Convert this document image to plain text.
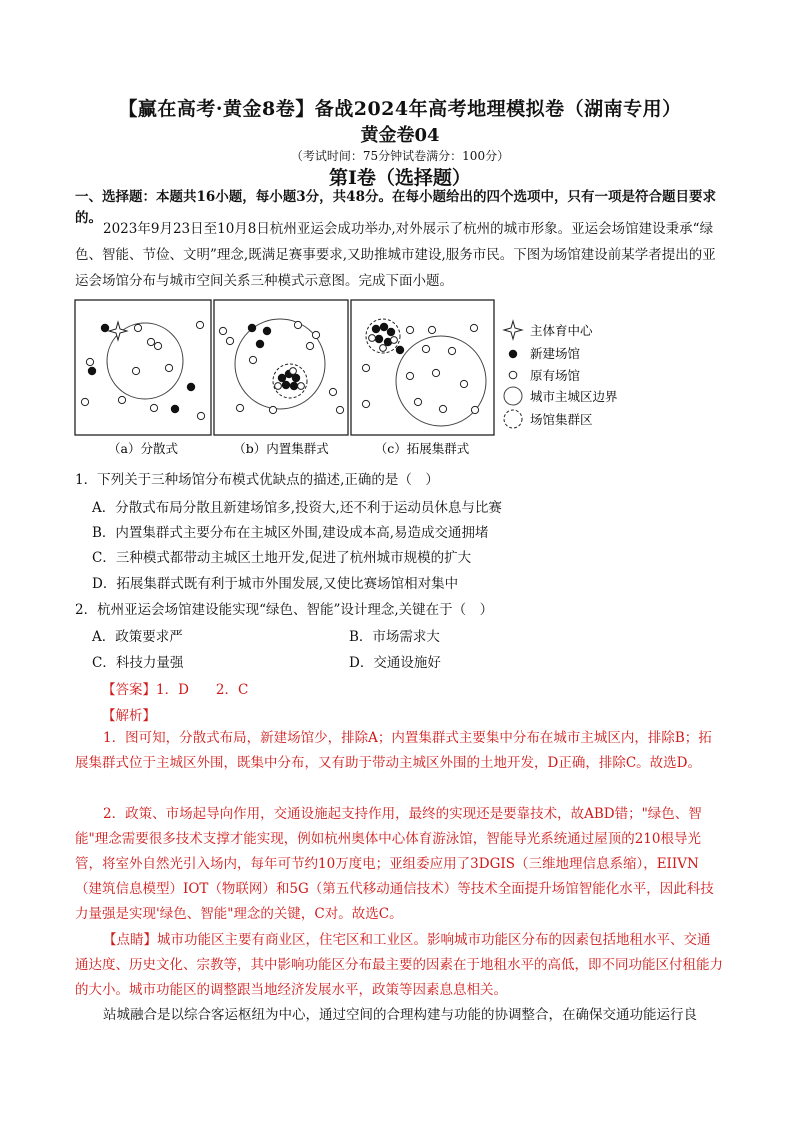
【赢在高考·黄金8卷】备战2024年高考地理模拟卷（湖南专用）
黄金卷04
（考试时间：75分钟试卷满分：100分）
第I卷（选择题）
一、选择题：本题共16小题，每小题3分，共48分。在每小题给出的四个选项中，只有一项是符合题目要求的。
2023年9月23日至10月8日杭州亚运会成功举办,对外展示了杭州的城市形象。亚运会场馆建设秉承“绿色、智能、节俭、文明”理念,既满足赛事要求,又助推城市建设,服务市民。下图为场馆建设前某学者提出的亚运会场馆分布与城市空间关系三种模式示意图。完成下面小题。
（a）分散式	（b）内置集群式	（c）拓展集群式
主体育中心
新建场馆
原有场馆
城市主城区边界
场馆集群区
1．下列关于三种场馆分布模式优缺点的描述,正确的是（　）
A．分散式布局分散且新建场馆多,投资大,还不利于运动员休息与比赛
B．内置集群式主要分布在主城区外围,建设成本高,易造成交通拥堵
C．三种模式都带动主城区土地开发,促进了杭州城市规模的扩大
D．拓展集群式既有利于城市外围发展,又使比赛场馆相对集中
2．杭州亚运会场馆建设能实现“绿色、智能”设计理念,关键在于（　）
A．政策要求严	B．市场需求大
C．科技力量强	D．交通设施好
【答案】1．D　　2．C
【解析】
1．图可知，分散式布局，新建场馆少，排除A；内置集群式主要集中分布在城市主城区内，排除B；拓展集群式位于主城区外围，既集中分布，又有助于带动主城区外围的土地开发，D正确，排除C。故选D。
2．政策、市场起导向作用，交通设施起支持作用，最终的实现还是要靠技术，故ABD错；"绿色、智能"理念需要很多技术支撑才能实现，例如杭州奥体中心体育游泳馆，智能导光系统通过屋顶的210根导光管，将室外自然光引入场内，每年可节约10万度电；亚组委应用了3DGIS（三维地理信息系缩），EIIVN（建筑信息模型）IOT（物联网）和5G（第五代移动通信技术）等技术全面提升场馆智能化水平，因此科技力量强是实现'绿色、智能"理念的关键，C对。故选C。
【点睛】城市功能区主要有商业区，住宅区和工业区。影响城市功能区分布的因素包括地租水平、交通通达度、历史文化、宗教等，其中影响功能区分布最主要的因素在于地租水平的高低，即不同功能区付租能力的大小。城市功能区的调整跟当地经济发展水平，政策等因素息息相关。
站城融合是以综合客运枢纽为中心，通过空间的合理构建与功能的协调整合，在确保交通功能运行良
